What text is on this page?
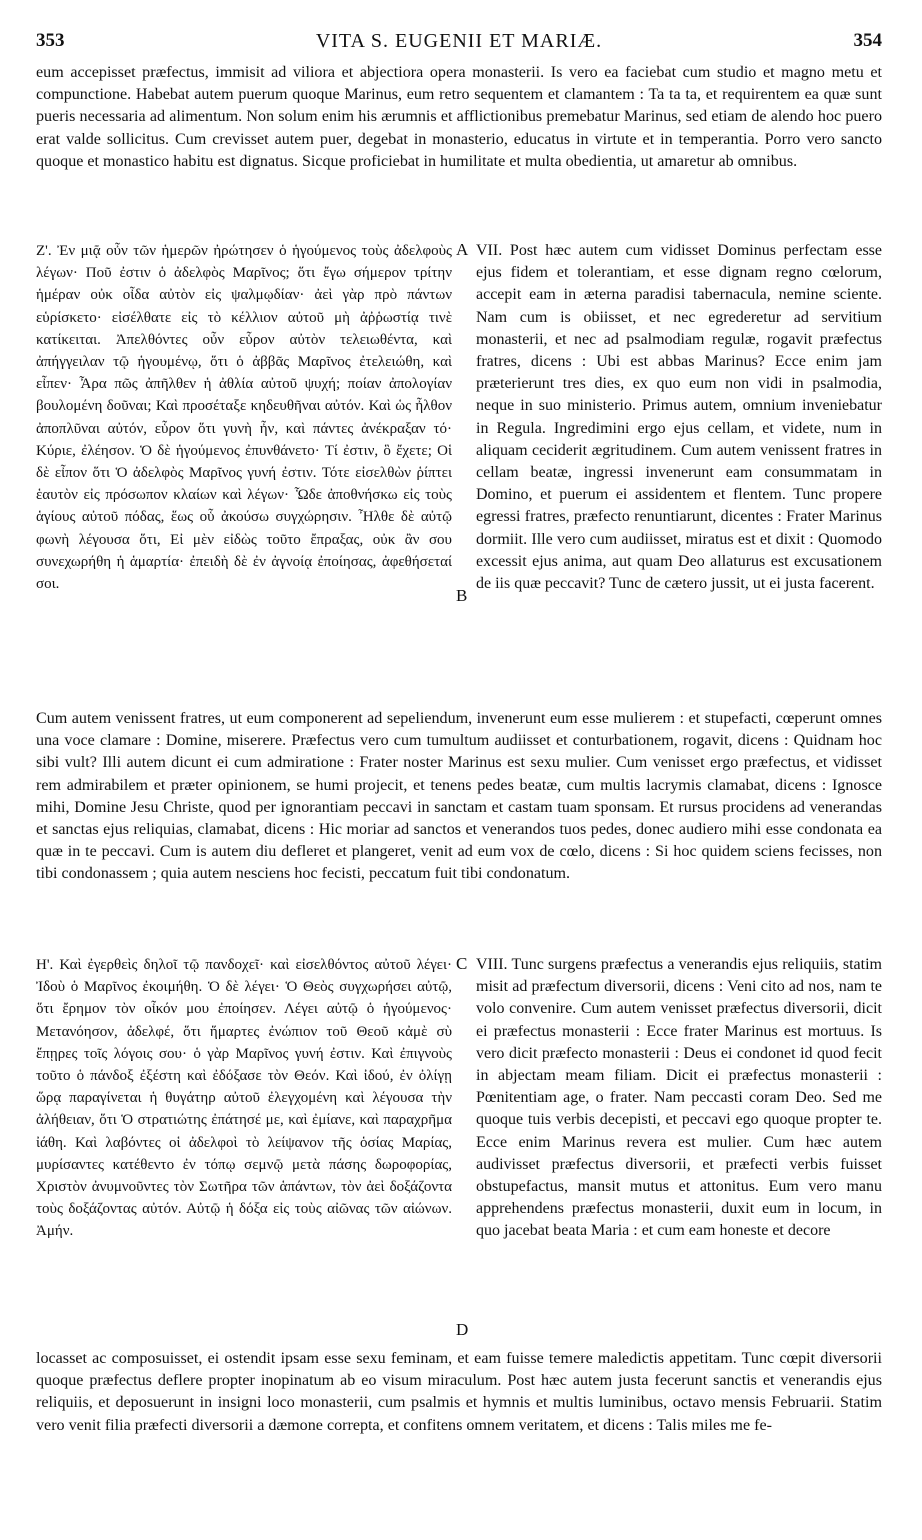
353	VITA S. EUGENII ET MARIÆ.	354

eum accepisset præfectus, immisit ad viliora et abjectiora opera monasterii. Is vero ea faciebat cum studio et magno metu et compunctione. Habebat autem puerum quoque Marinus, eum retro sequentem et clamantem : Ta ta ta, et requirentem ea quæ sunt pueris necessaria ad alimentum. Non solum enim his ærumnis et afflictionibus premebatur Marinus, sed etiam de alendo hoc puero erat valde sollicitus. Cum crevisset autem puer, degebat in monasterio, educatus in virtute et in temperantia. Porro vero sancto quoque et monastico habitu est dignatus. Sicque proficiebat in humilitate et multa obedientia, ut amaretur ab omnibus.

Ζ'. Ἐν μιᾷ οὖν τῶν ἡμερῶν ἠρώτησεν ὁ ἡγούμενος τοὺς ἀδελφοὺς λέγων· Ποῦ ἐστιν ὁ ἀδελφὸς Μαρῖνος; ὅτι ἔγω σήμερον τρίτην ἡμέραν οὐκ οἶδα αὐτὸν εἰς ψαλμῳδίαν· ἀεὶ γὰρ πρὸ πάντων εὑρίσκετο· εἰσέλθατε εἰς τὸ κέλλιον αὐτοῦ μὴ ἀῤῥωστίᾳ τινὲ κατίκειται. Ἀπελθόντες οὖν εὗρον αὐτὸν τελειωθέντα, καὶ ἀπήγγειλαν τῷ ἡγουμένῳ, ὅτι ὁ ἀββᾶς Μαρῖνος ἐτελειώθη, καὶ εἶπεν· Ἆρα πῶς ἀπῆλθεν ἡ ἀθλία αὐτοῦ ψυχή; ποίαν ἀπολογίαν βουλομένη δοῦναι; Καὶ προσέταξε κηδευθῆναι αὐτόν. Καὶ ὡς ἦλθον ἀποπλῦναι αὐτόν, εὗρον ὅτι γυνὴ ἦν, καὶ πάντες ἀνέκραξαν τό· Κύριε, ἐλέησον. Ὁ δὲ ἡγούμενος ἐπυνθάνετο· Τί ἐστιν, ὃ ἔχετε; Οἱ δὲ εἶπον ὅτι Ὁ ἀδελφὸς Μαρῖνος γυνή ἐστιν. Τότε εἰσελθὼν ῥίπτει ἑαυτὸν εἰς πρόσωπον κλαίων καὶ λέγων· Ὧδε ἀποθνήσκω εἰς τοὺς ἁγίους αὐτοῦ πόδας, ἕως οὗ ἀκούσω συγχώρησιν. Ἦλθε δὲ αὐτῷ φωνὴ λέγουσα ὅτι, Εἰ μὲν εἰδὼς τοῦτο ἔπραξας, οὐκ ἂν σου συνεχωρήθη ἡ ἁμαρτία· ἐπειδὴ δὲ ἐν ἀγνοίᾳ ἐποίησας, ἀφεθήσεταί σοι.

VII. Post hæc autem cum vidisset Dominus perfectam esse ejus fidem et tolerantiam, et esse dignam regno cœlorum, accepit eam in æterna paradisi tabernacula, nemine sciente. Nam cum is obiisset, et nec egrederetur ad servitium monasterii, et nec ad psalmodiam regulæ, rogavit præfectus fratres, dicens : Ubi est abbas Marinus? Ecce enim jam præterierunt tres dies, ex quo eum non vidi in psalmodia, neque in suo ministerio. Primus autem, omnium inveniebatur in Regula. Ingredimini ergo ejus cellam, et videte, num in aliquam ceciderit ægritudinem. Cum autem venissent fratres in cellam beatæ, ingressi invenerunt eam consummatam in Domino, et puerum ei assidentem et flentem. Tunc propere egressi fratres, præfecto renuntiarunt, dicentes : Frater Marinus dormiit. Ille vero cum audiisset, miratus est et dixit : Quomodo excessit ejus anima, aut quam Deo allaturus est excusationem de iis quæ peccavit? Tunc de cætero jussit, ut ei justa facerent.

A
B

Cum autem venissent fratres, ut eum componerent ad sepeliendum, invenerunt eum esse mulierem : et stupefacti, cœperunt omnes una voce clamare : Domine, miserere. Præfectus vero cum tumultum audiisset et conturbationem, rogavit, dicens : Quidnam hoc sibi vult? Illi autem dicunt ei cum admiratione : Frater noster Marinus est sexu mulier. Cum venisset ergo præfectus, et vidisset rem admirabilem et præter opinionem, se humi projecit, et tenens pedes beatæ, cum multis lacrymis clamabat, dicens : Ignosce mihi, Domine Jesu Christe, quod per ignorantiam peccavi in sanctam et castam tuam sponsam. Et rursus procidens ad venerandas et sanctas ejus reliquias, clamabat, dicens : Hic moriar ad sanctos et venerandos tuos pedes, donec audiero mihi esse condonata ea quæ in te peccavi. Cum is autem diu defleret et plangeret, venit ad eum vox de cœlo, dicens : Si hoc quidem sciens fecisses, non tibi condonassem ; quia autem nesciens hoc fecisti, peccatum fuit tibi condonatum.

Η'. Καὶ ἐγερθεὶς δηλοῖ τῷ πανδοχεῖ· καὶ εἰσελθόντος αὐτοῦ λέγει· Ἰδοὺ ὁ Μαρῖνος ἐκοιμήθη. Ὁ δὲ λέγει· Ὁ Θεὸς συγχωρήσει αὐτῷ, ὅτι ἔρημον τὸν οἶκόν μου ἐποίησεν. Λέγει αὐτῷ ὁ ἡγούμενος· Μετανόησον, ἀδελφέ, ὅτι ἥμαρτες ἐνώπιον τοῦ Θεοῦ κἀμὲ σὺ ἔπῃρες τοῖς λόγοις σου· ὁ γὰρ Μαρῖνος γυνή ἐστιν. Καὶ ἐπιγνοὺς τοῦτο ὁ πάνδοξ ἐξέστη καὶ ἐδόξασε τὸν Θεόν. Καὶ ἰδού, ἐν ὀλίγῃ ὥρᾳ παραγίνεται ἡ θυγάτηρ αὐτοῦ ἐλεγχομένη καὶ λέγουσα τὴν ἀλήθειαν, ὅτι Ὁ στρατιώτης ἐπάτησέ με, καὶ ἐμίανε, καὶ παραχρῆμα ἰάθη. Καὶ λαβόντες οἱ ἀδελφοὶ τὸ λείψανον τῆς ὁσίας Μαρίας, μυρίσαντες κατέθεντο ἐν τόπῳ σεμνῷ μετὰ πάσης δωροφορίας, Χριστὸν ἀνυμνοῦντες τὸν Σωτῆρα τῶν ἁπάντων, τὸν ἀεὶ δοξάζοντα τοὺς δοξάζοντας αὐτόν. Αὐτῷ ἡ δόξα εἰς τοὺς αἰῶνας τῶν αἰώνων. Ἀμήν.

VIII. Tunc surgens præfectus a venerandis ejus reliquiis, statim misit ad præfectum diversorii, dicens : Veni cito ad nos, nam te volo convenire. Cum autem venisset præfectus diversorii, dicit ei præfectus monasterii : Ecce frater Marinus est mortuus. Is vero dicit præfecto monasterii : Deus ei condonet id quod fecit in abjectam meam filiam. Dicit ei præfectus monasterii : Pœnitentiam age, o frater. Nam peccasti coram Deo. Sed me quoque tuis verbis decepisti, et peccavi ego quoque propter te. Ecce enim Marinus revera est mulier. Cum hæc autem audivisset præfectus diversorii, et præfecti verbis fuisset obstupefactus, mansit mutus et attonitus. Eum vero manu apprehendens præfectus monasterii, duxit eum in locum, in quo jacebat beata Maria : et cum eam honeste et decore

C
D

locasset ac composuisset, ei ostendit ipsam esse sexu feminam, et eam fuisse temere maledictis appetitam. Tunc cœpit diversorii quoque præfectus deflere propter inopinatum ab eo visum miraculum. Post hæc autem justa fecerunt sanctis et venerandis ejus reliquiis, et deposuerunt in insigni loco monasterii, cum psalmis et hymnis et multis luminibus, octavo mensis Februarii. Statim vero venit filia præfecti diversorii a dæmone correpta, et confitens omnem veritatem, et dicens : Talis miles me fe-
